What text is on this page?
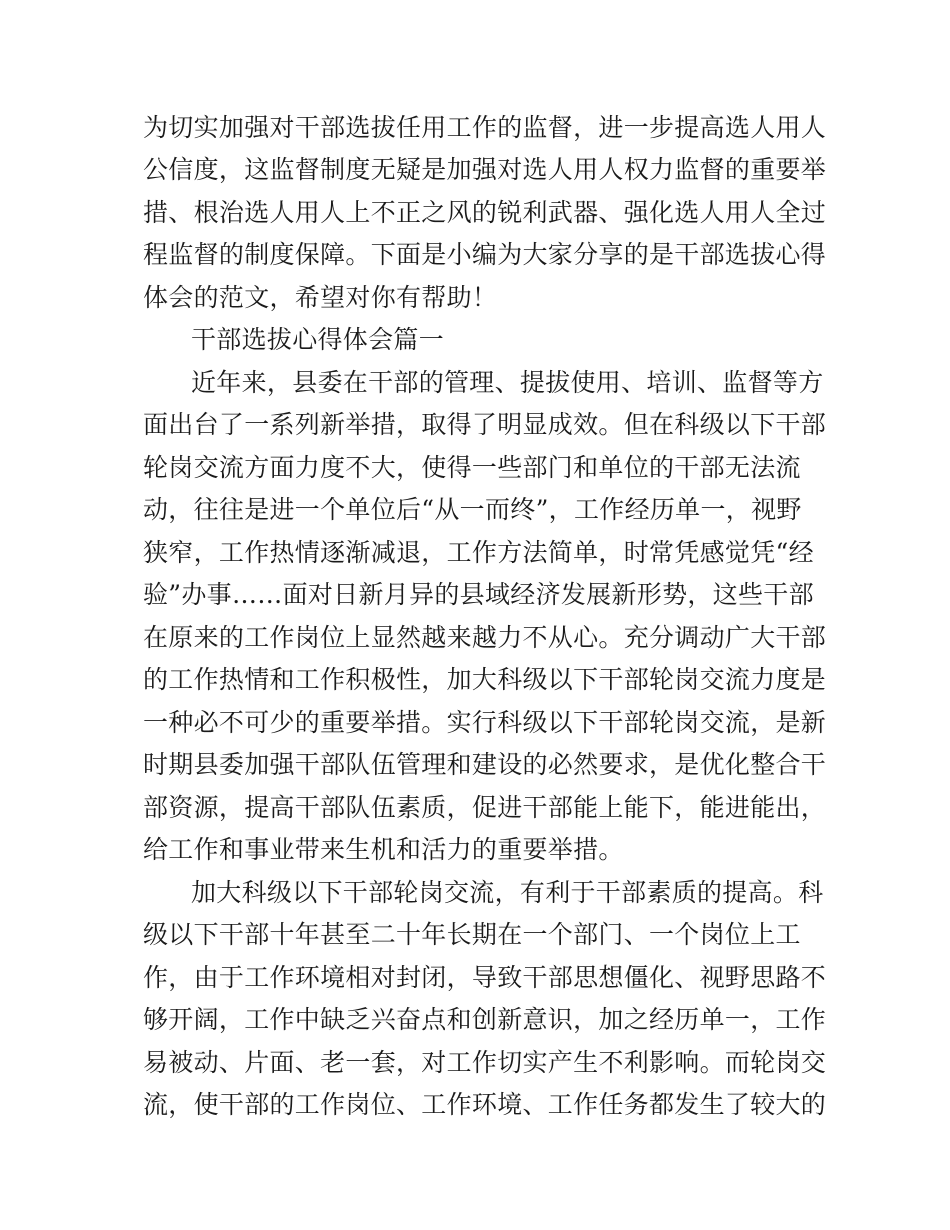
为切实加强对干部选拔任用工作的监督，进一步提高选人用人
公信度，这监督制度无疑是加强对选人用人权力监督的重要举
措、根治选人用人上不正之风的锐利武器、强化选人用人全过
程监督的制度保障。下面是小编为大家分享的是干部选拔心得
体会的范文，希望对你有帮助！
干部选拔心得体会篇一
近年来，县委在干部的管理、提拔使用、培训、监督等方
面出台了一系列新举措，取得了明显成效。但在科级以下干部
轮岗交流方面力度不大，使得一些部门和单位的干部无法流
动，往往是进一个单位后“从一而终”，工作经历单一，视野
狭窄，工作热情逐渐减退，工作方法简单，时常凭感觉凭“经
验”办事……面对日新月异的县域经济发展新形势，这些干部
在原来的工作岗位上显然越来越力不从心。充分调动广大干部
的工作热情和工作积极性，加大科级以下干部轮岗交流力度是
一种必不可少的重要举措。实行科级以下干部轮岗交流，是新
时期县委加强干部队伍管理和建设的必然要求，是优化整合干
部资源，提高干部队伍素质，促进干部能上能下，能进能出，
给工作和事业带来生机和活力的重要举措。
加大科级以下干部轮岗交流，有利于干部素质的提高。科
级以下干部十年甚至二十年长期在一个部门、一个岗位上工
作，由于工作环境相对封闭，导致干部思想僵化、视野思路不
够开阔，工作中缺乏兴奋点和创新意识，加之经历单一，工作
易被动、片面、老一套，对工作切实产生不利影响。而轮岗交
流，使干部的工作岗位、工作环境、工作任务都发生了较大的
